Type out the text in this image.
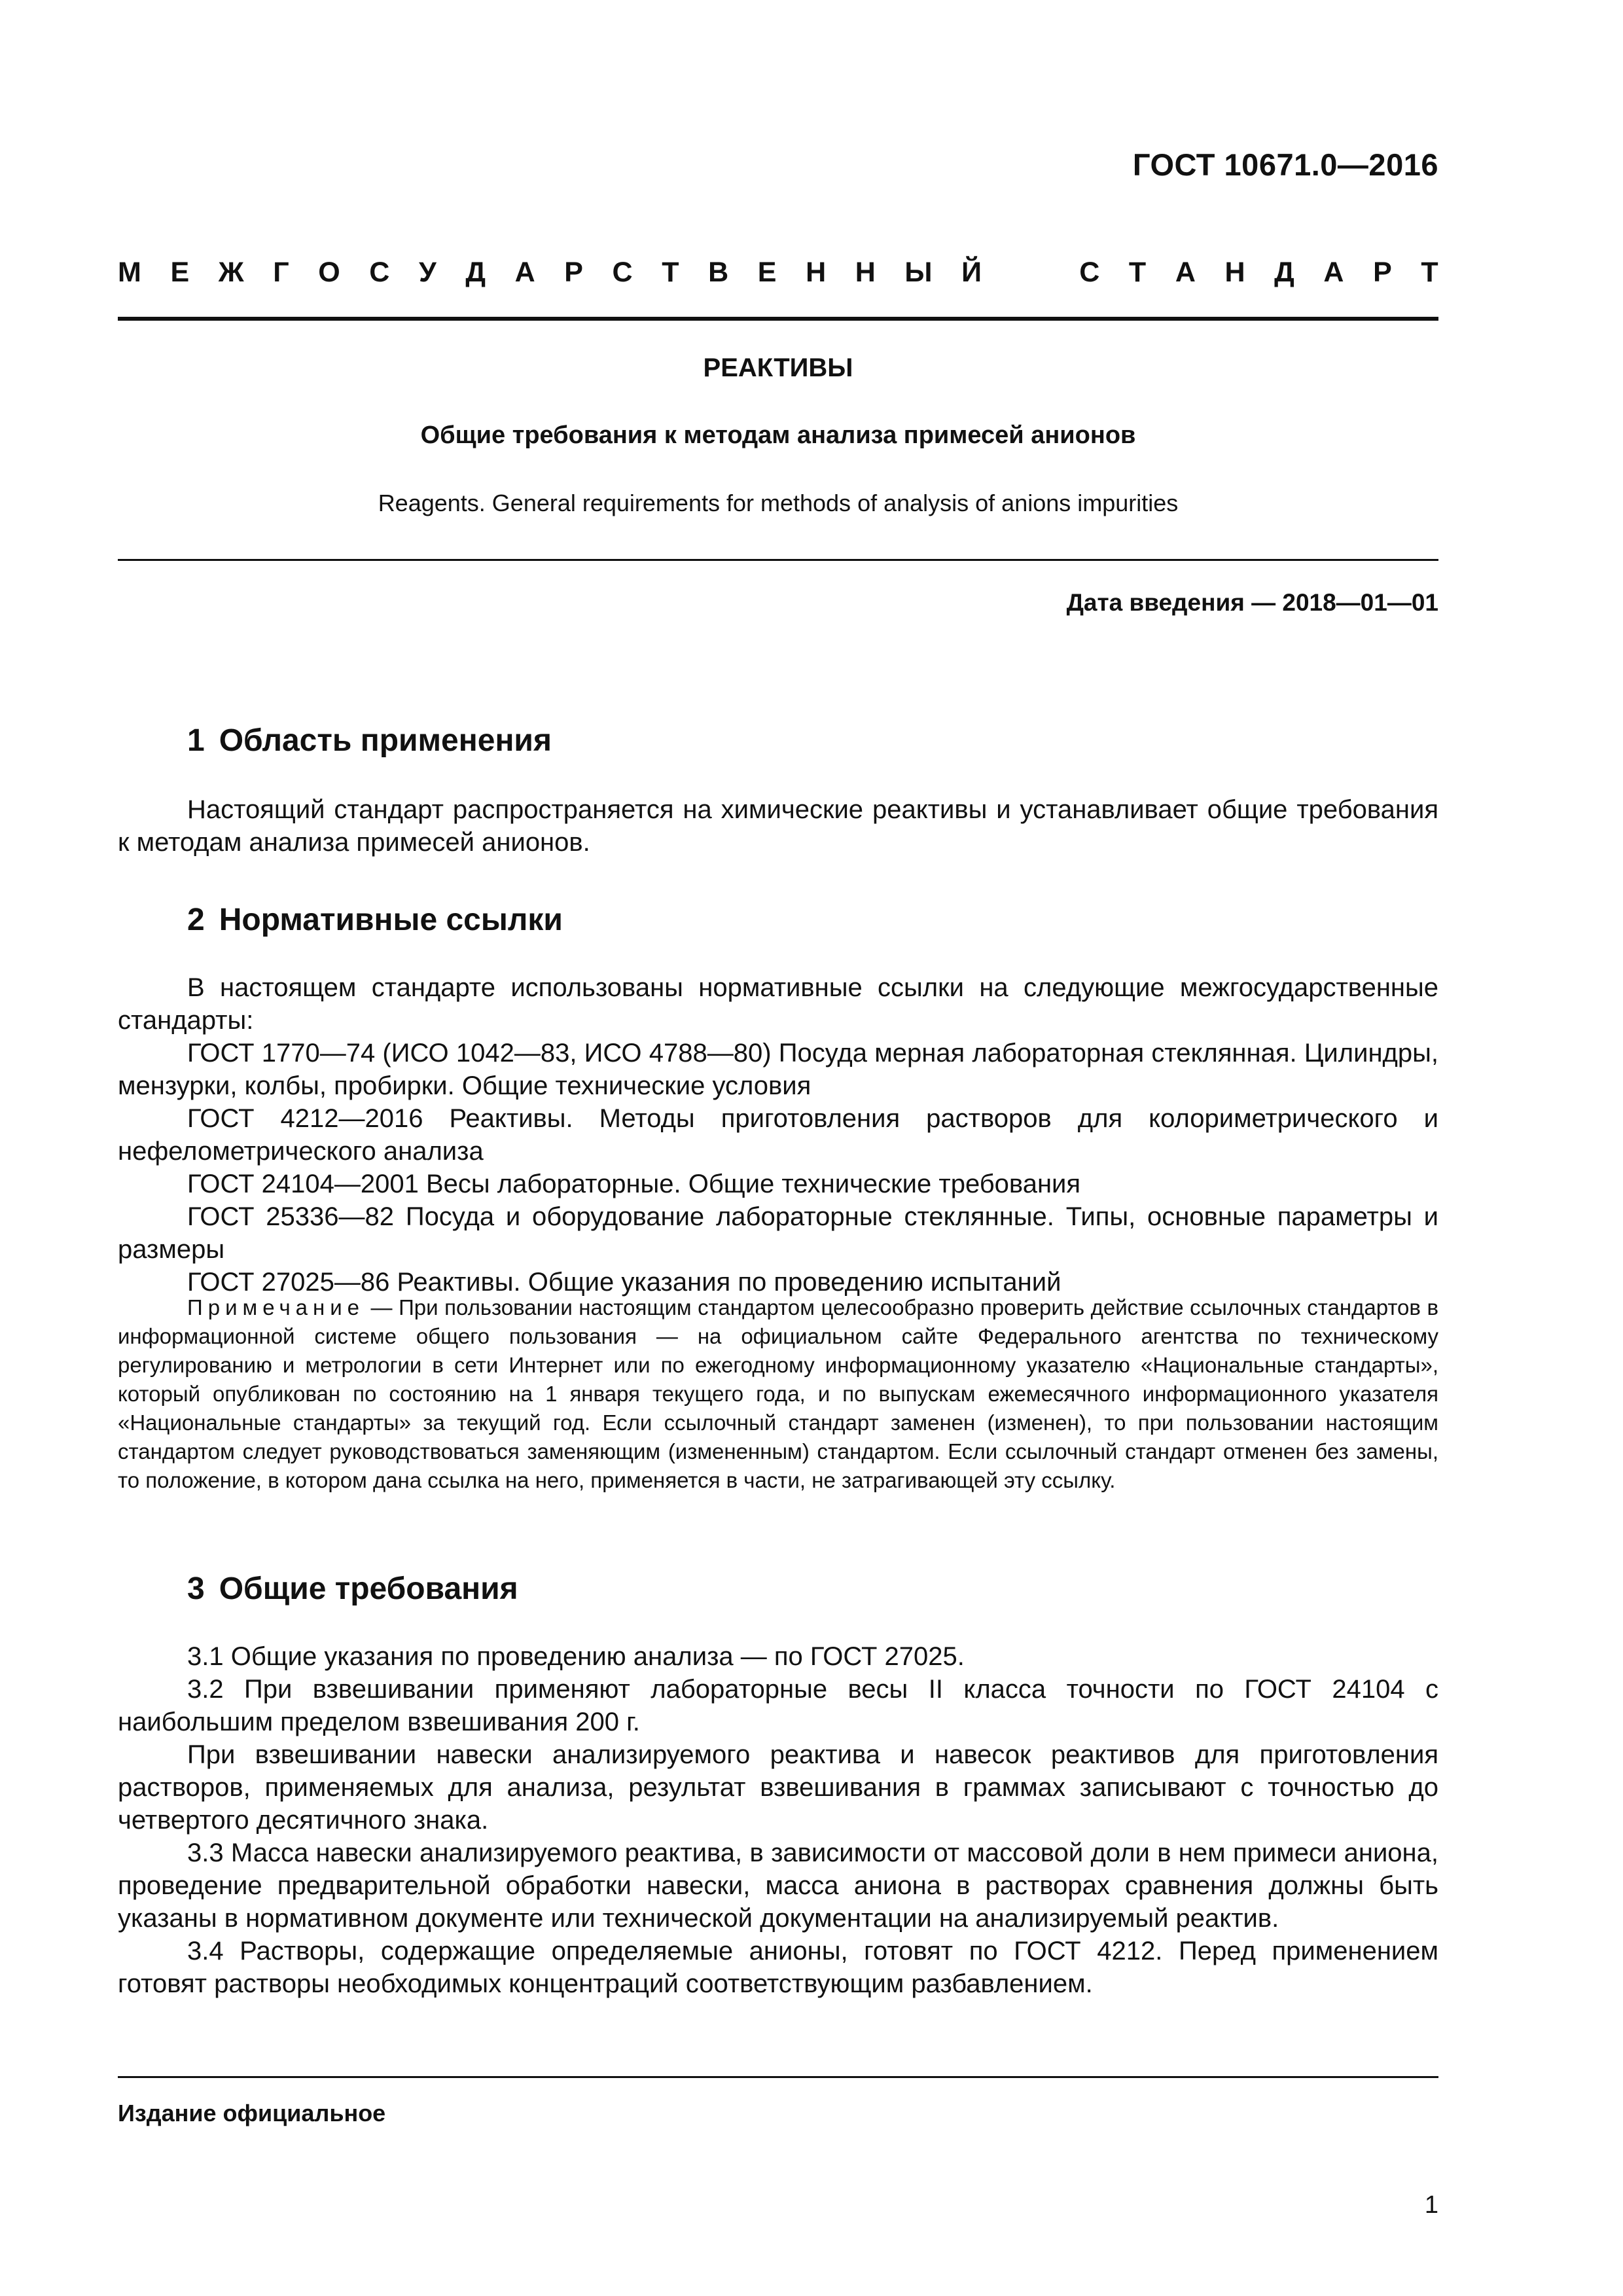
ГОСТ 10671.0—2016
М Е Ж Г О С У Д А Р С Т В Е Н Н Ы Й	С Т А Н Д А Р Т
РЕАКТИВЫ
Общие требования к методам анализа примесей анионов
Reagents. General requirements for methods of analysis of anions impurities
Дата введения — 2018—01—01
1 Область применения

Настоящий стандарт распространяется на химические реактивы и устанавливает общие требования к методам анализа примесей анионов.

2 Нормативные ссылки

В настоящем стандарте использованы нормативные ссылки на следующие межгосударственные стандарты:

ГОСТ 1770—74 (ИСО 1042—83, ИСО 4788—80) Посуда мерная лабораторная стеклянная. Цилиндры, мензурки, колбы, пробирки. Общие технические условия

ГОСТ 4212—2016 Реактивы. Методы приготовления растворов для колориметрического и нефелометрического анализа

ГОСТ 24104—2001 Весы лабораторные. Общие технические требования

ГОСТ 25336—82 Посуда и оборудование лабораторные стеклянные. Типы, основные параметры и размеры

ГОСТ 27025—86 Реактивы. Общие указания по проведению испытаний

Примечание — При пользовании настоящим стандартом целесообразно проверить действие ссылочных стандартов в информационной системе общего пользования — на официальном сайте Федерального агентства по техническому регулированию и метрологии в сети Интернет или по ежегодному информационному указателю «Национальные стандарты», который опубликован по состоянию на 1 января текущего года, и по выпускам ежемесячного информационного указателя «Национальные стандарты» за текущий год. Если ссылочный стандарт заменен (изменен), то при пользовании настоящим стандартом следует руководствоваться заменяющим (измененным) стандартом. Если ссылочный стандарт отменен без замены, то положение, в котором дана ссылка на него, применяется в части, не затрагивающей эту ссылку.

3 Общие требования

3.1 Общие указания по проведению анализа — по ГОСТ 27025.

3.2 При взвешивании применяют лабораторные весы II класса точности по ГОСТ 24104 с наибольшим пределом взвешивания 200 г.

При взвешивании навески анализируемого реактива и навесок реактивов для приготовления растворов, применяемых для анализа, результат взвешивания в граммах записывают с точностью до четвертого десятичного знака.

3.3 Масса навески анализируемого реактива, в зависимости от массовой доли в нем примеси аниона, проведение предварительной обработки навески, масса аниона в растворах сравнения должны быть указаны в нормативном документе или технической документации на анализируемый реактив.

3.4 Растворы, содержащие определяемые анионы, готовят по ГОСТ 4212. Перед применением готовят растворы необходимых концентраций соответствующим разбавлением.

Издание официальное
1
